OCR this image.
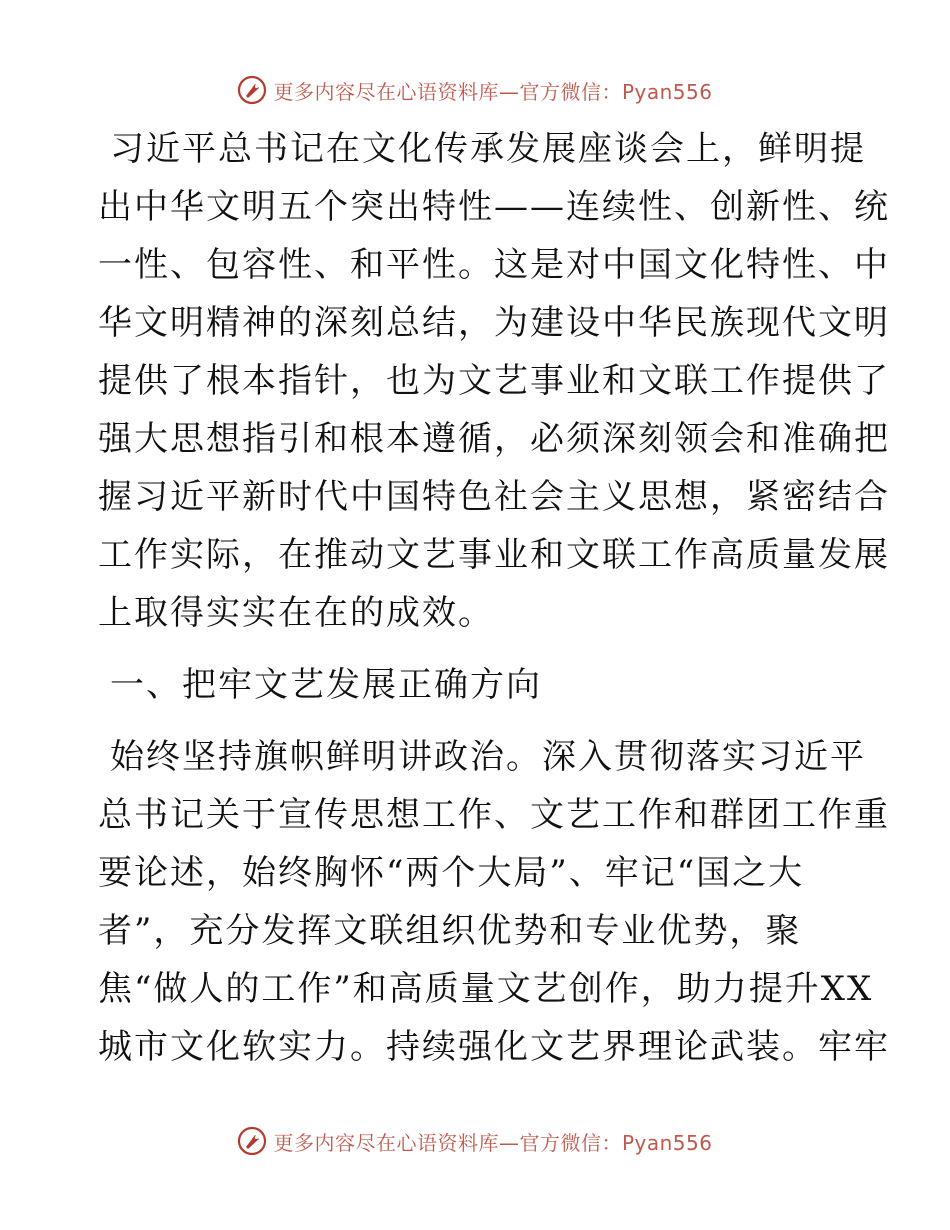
更多内容尽在心语资料库—官方微信：Pyan556
习近平总书记在文化传承发展座谈会上，鲜明提
出中华文明五个突出特性——连续性、创新性、统
一性、包容性、和平性。这是对中国文化特性、中
华文明精神的深刻总结，为建设中华民族现代文明
提供了根本指针，也为文艺事业和文联工作提供了
强大思想指引和根本遵循，必须深刻领会和准确把
握习近平新时代中国特色社会主义思想，紧密结合
工作实际，在推动文艺事业和文联工作高质量发展
上取得实实在在的成效。
一、把牢文艺发展正确方向
始终坚持旗帜鲜明讲政治。深入贯彻落实习近平
总书记关于宣传思想工作、文艺工作和群团工作重
要论述，始终胸怀“两个大局”、牢记“国之大
者”，充分发挥文联组织优势和专业优势，聚
焦“做人的工作”和高质量文艺创作，助力提升XX
城市文化软实力。持续强化文艺界理论武装。牢牢
更多内容尽在心语资料库—官方微信：Pyan556
